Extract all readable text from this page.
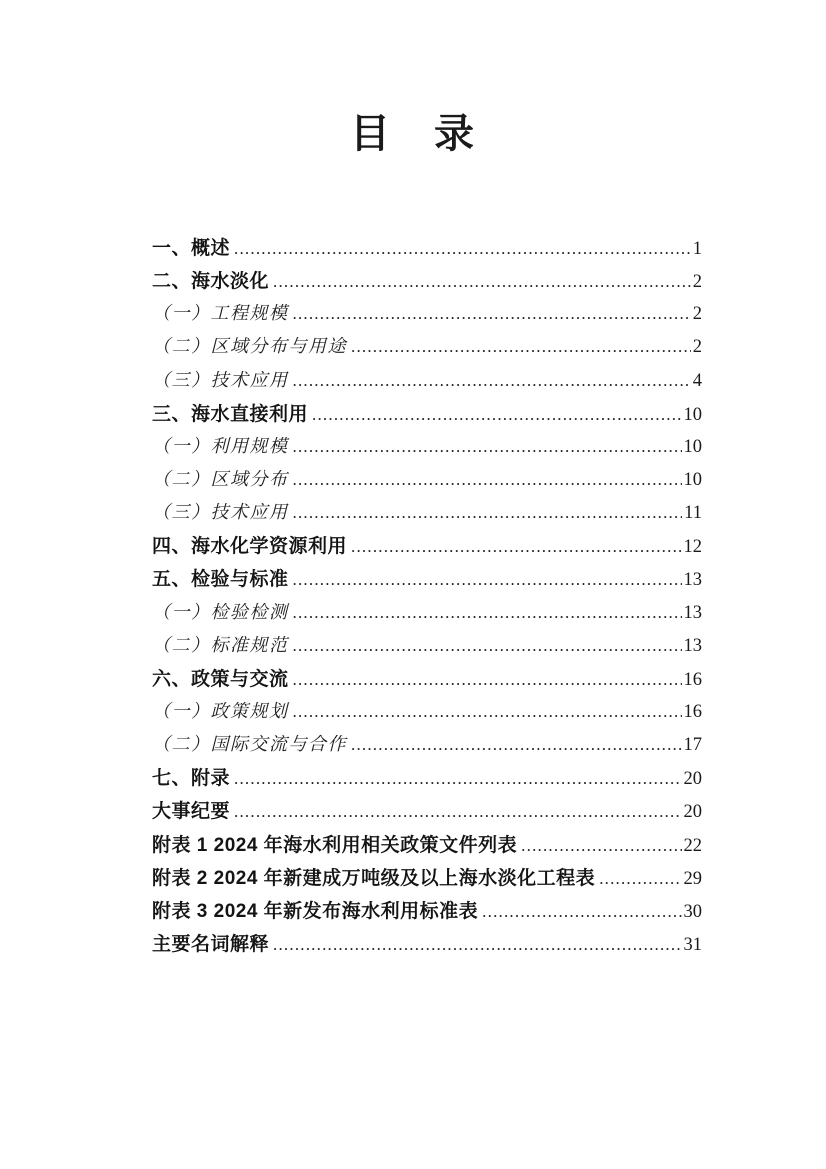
目　录
一、概述 .....	1
二、海水淡化 .....	2
（一）工程规模 .....	2
（二）区域分布与用途 .....	2
（三）技术应用 .....	4
三、海水直接利用 .....	10
（一）利用规模 .....	10
（二）区域分布 .....	10
（三）技术应用 .....	11
四、海水化学资源利用 .....	12
五、检验与标准 .....	13
（一）检验检测 .....	13
（二）标准规范 .....	13
六、政策与交流 .....	16
（一）政策规划 .....	16
（二）国际交流与合作 .....	17
七、附录 .....	20
大事纪要 .....	20
附表 1 2024 年海水利用相关政策文件列表 .....	22
附表 2 2024 年新建成万吨级及以上海水淡化工程表 .....	29
附表 3 2024 年新发布海水利用标准表 .....	30
主要名词解释 .....	31
